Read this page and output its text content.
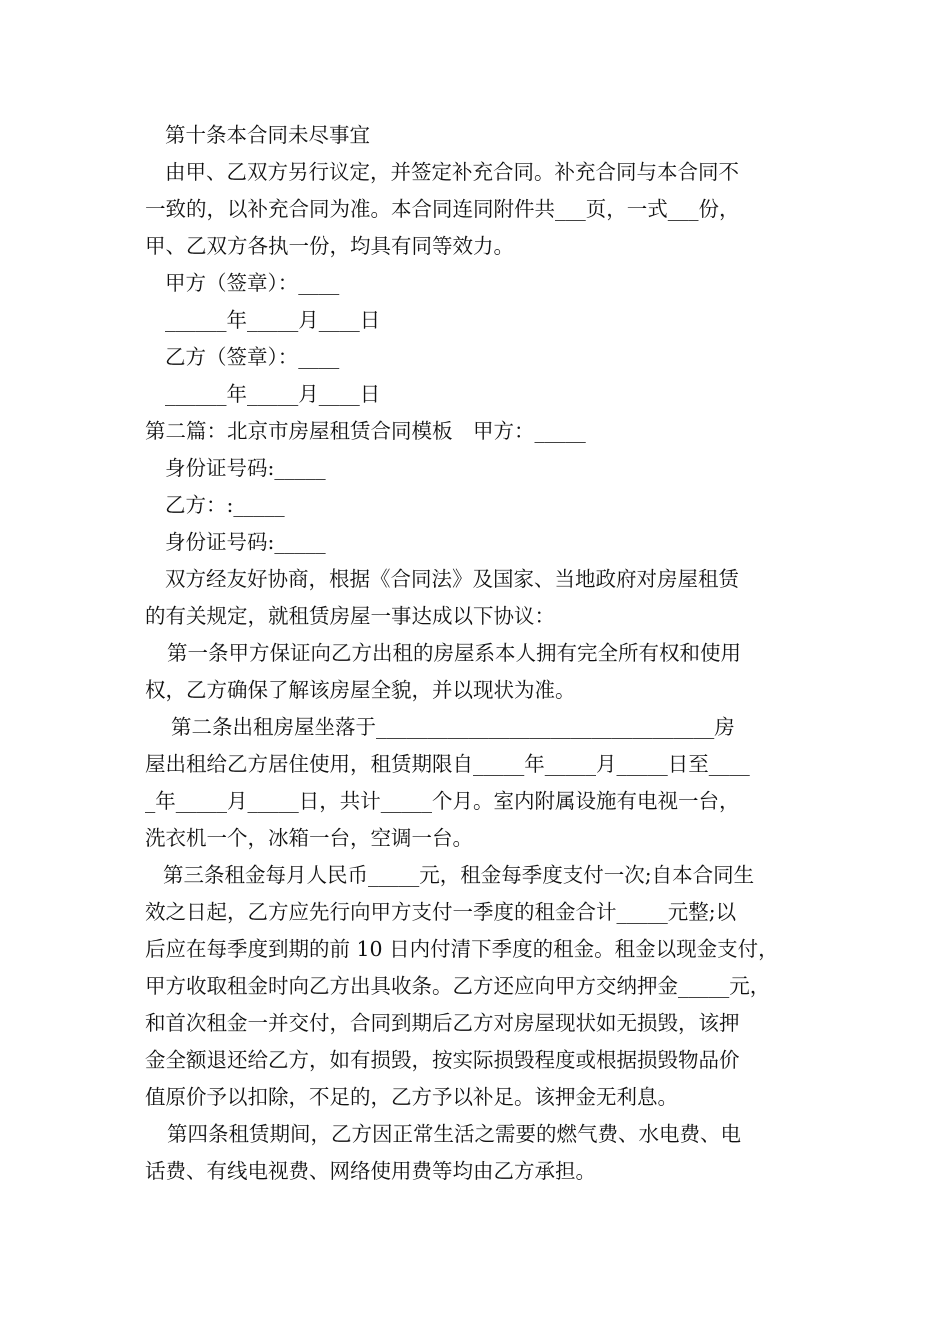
第十条本合同未尽事宜
由甲、乙双方另行议定，并签定补充合同。补充合同与本合同不
一致的，以补充合同为准。本合同连同附件共___页，一式___份，
甲、乙双方各执一份，均具有同等效力。
甲方（签章）：____
______年_____月____日
乙方（签章）：____
______年_____月____日
第二篇：北京市房屋租赁合同模板　甲方：_____
身份证号码:_____
乙方：:_____
身份证号码:_____
双方经友好协商，根据《合同法》及国家、当地政府对房屋租赁
的有关规定，就租赁房屋一事达成以下协议：
第一条甲方保证向乙方出租的房屋系本人拥有完全所有权和使用
权，乙方确保了解该房屋全貌，并以现状为准。
第二条出租房屋坐落于_________________________________房
屋出租给乙方居住使用，租赁期限自_____年_____月_____日至____
_年_____月_____日，共计_____个月。室内附属设施有电视一台，
洗衣机一个，冰箱一台，空调一台。
第三条租金每月人民币_____元，租金每季度支付一次;自本合同生
效之日起，乙方应先行向甲方支付一季度的租金合计_____元整;以
后应在每季度到期的前 10 日内付清下季度的租金。租金以现金支付，
甲方收取租金时向乙方出具收条。乙方还应向甲方交纳押金_____元，
和首次租金一并交付，合同到期后乙方对房屋现状如无损毁，该押
金全额退还给乙方，如有损毁，按实际损毁程度或根据损毁物品价
值原价予以扣除，不足的，乙方予以补足。该押金无利息。
第四条租赁期间，乙方因正常生活之需要的燃气费、水电费、电
话费、有线电视费、网络使用费等均由乙方承担。
